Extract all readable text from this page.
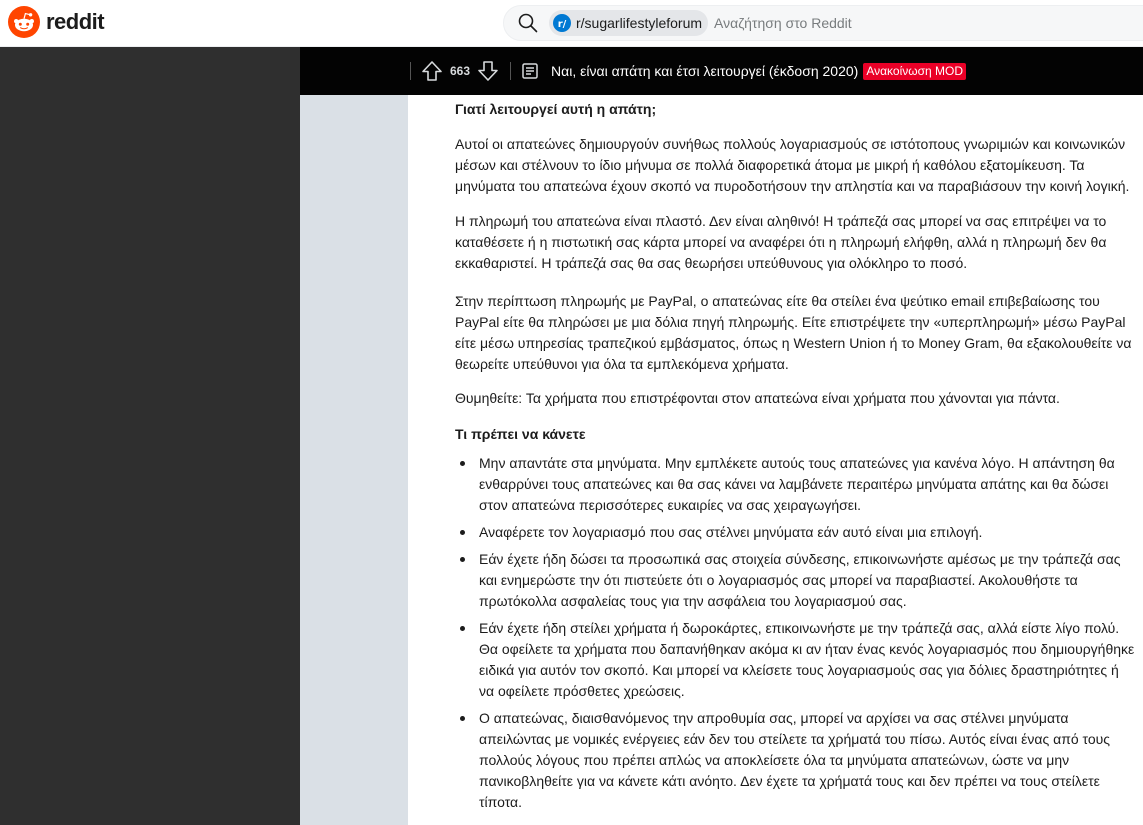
reddit	r/ r/sugarlifestyleforum
Αναζήτηση στο Reddit
663	Ναι, είναι απάτη και έτσι λειτουργεί (έκδοση 2020) Ανακοίνωση MOD

Γιατί λειτουργεί αυτή η απάτη;

Αυτοί οι απατεώνες δημιουργούν συνήθως πολλούς λογαριασμούς σε ιστότοπους γνωριμιών και κοινωνικών μέσων και στέλνουν το ίδιο μήνυμα σε πολλά διαφορετικά άτομα με μικρή ή καθόλου εξατομίκευση. Τα μηνύματα του απατεώνα έχουν σκοπό να πυροδοτήσουν την απληστία και να παραβιάσουν την κοινή λογική.

Η πληρωμή του απατεώνα είναι πλαστό. Δεν είναι αληθινό! Η τράπεζά σας μπορεί να σας επιτρέψει να το καταθέσετε ή η πιστωτική σας κάρτα μπορεί να αναφέρει ότι η πληρωμή ελήφθη, αλλά η πληρωμή δεν θα εκκαθαριστεί. Η τράπεζά σας θα σας θεωρήσει υπεύθυνους για ολόκληρο το ποσό.

Στην περίπτωση πληρωμής με PayPal, ο απατεώνας είτε θα στείλει ένα ψεύτικο email επιβεβαίωσης του PayPal είτε θα πληρώσει με μια δόλια πηγή πληρωμής. Είτε επιστρέψετε την «υπερπληρωμή» μέσω PayPal είτε μέσω υπηρεσίας τραπεζικού εμβάσματος, όπως η Western Union ή το Money Gram, θα εξακολουθείτε να θεωρείτε υπεύθυνοι για όλα τα εμπλεκόμενα χρήματα.

Θυμηθείτε: Τα χρήματα που επιστρέφονται στον απατεώνα είναι χρήματα που χάνονται για πάντα.

Τι πρέπει να κάνετε

Μην απαντάτε στα μηνύματα. Μην εμπλέκετε αυτούς τους απατεώνες για κανένα λόγο. Η απάντηση θα ενθαρρύνει τους απατεώνες και θα σας κάνει να λαμβάνετε περαιτέρω μηνύματα απάτης και θα δώσει στον απατεώνα περισσότερες ευκαιρίες να σας χειραγωγήσει.
Αναφέρετε τον λογαριασμό που σας στέλνει μηνύματα εάν αυτό είναι μια επιλογή.
Εάν έχετε ήδη δώσει τα προσωπικά σας στοιχεία σύνδεσης, επικοινωνήστε αμέσως με την τράπεζά σας και ενημερώστε την ότι πιστεύετε ότι ο λογαριασμός σας μπορεί να παραβιαστεί. Ακολουθήστε τα πρωτόκολλα ασφαλείας τους για την ασφάλεια του λογαριασμού σας.
Εάν έχετε ήδη στείλει χρήματα ή δωροκάρτες, επικοινωνήστε με την τράπεζά σας, αλλά είστε λίγο πολύ. Θα οφείλετε τα χρήματα που δαπανήθηκαν ακόμα κι αν ήταν ένας κενός λογαριασμός που δημιουργήθηκε ειδικά για αυτόν τον σκοπό. Και μπορεί να κλείσετε τους λογαριασμούς σας για δόλιες δραστηριότητες ή να οφείλετε πρόσθετες χρεώσεις.
Ο απατεώνας, διαισθανόμενος την απροθυμία σας, μπορεί να αρχίσει να σας στέλνει μηνύματα απειλώντας με νομικές ενέργειες εάν δεν του στείλετε τα χρήματά του πίσω. Αυτός είναι ένας από τους πολλούς λόγους που πρέπει απλώς να αποκλείσετε όλα τα μηνύματα απατεώνων, ώστε να μην πανικοβληθείτε για να κάνετε κάτι ανόητο. Δεν έχετε τα χρήματά τους και δεν πρέπει να τους στείλετε τίποτα.
